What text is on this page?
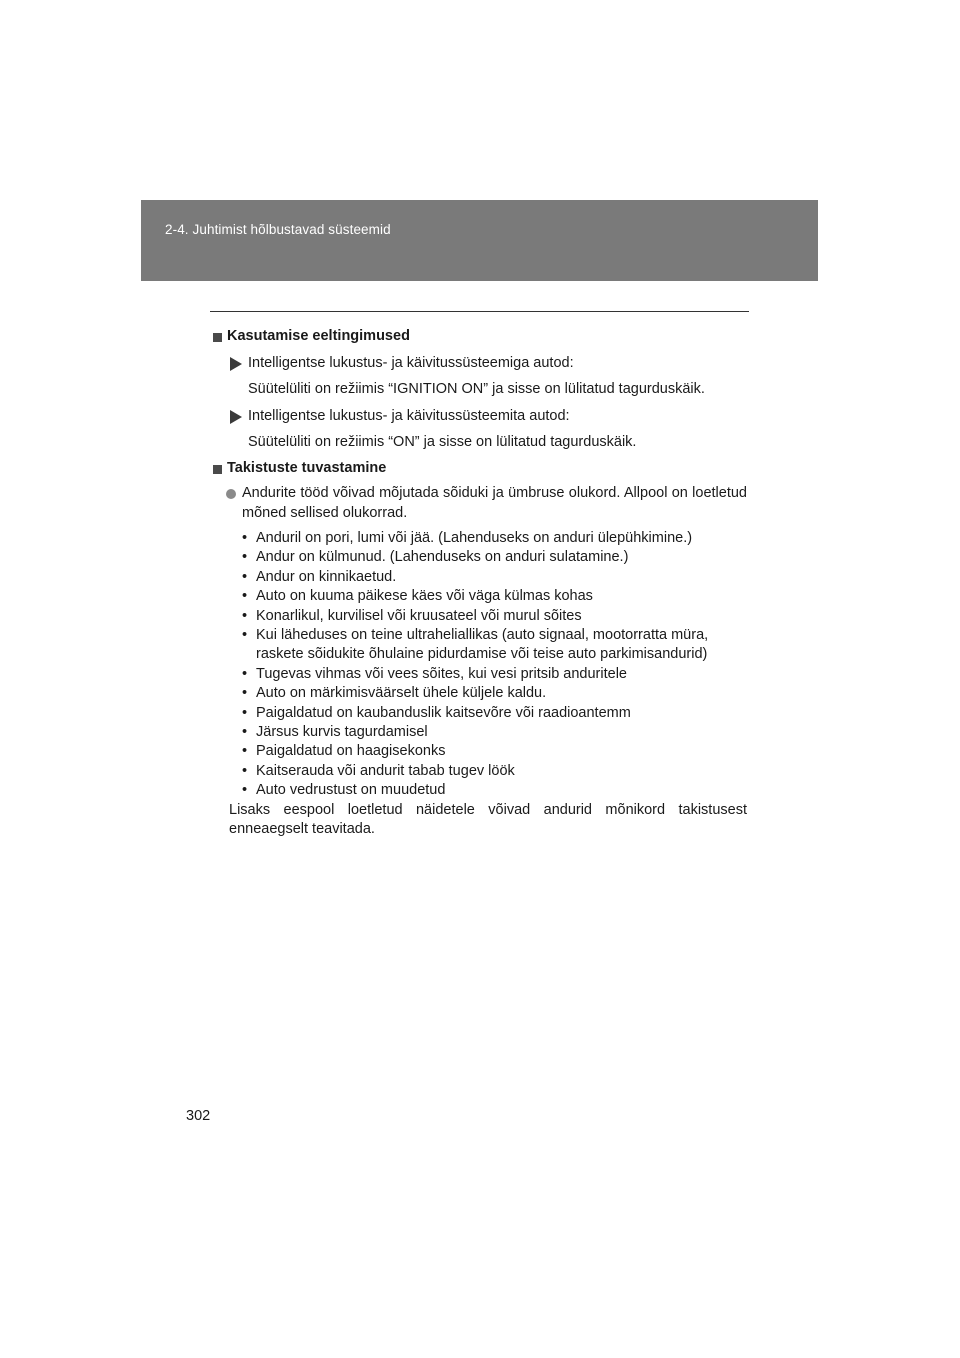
2-4. Juhtimist hõlbustavad süsteemid
Kasutamise eeltingimused
Intelligentse lukustus- ja käivitussüsteemiga autod:
Süütelüliti on režiimis “IGNITION ON” ja sisse on lülitatud tagurduskäik.
Intelligentse lukustus- ja käivitussüsteemita autod:
Süütelüliti on režiimis “ON” ja sisse on lülitatud tagurduskäik.
Takistuste tuvastamine
Andurite tööd võivad mõjutada sõiduki ja ümbruse olukord. Allpool on loetletud mõned sellised olukorrad.
• Anduril on pori, lumi või jää. (Lahenduseks on anduri ülepühkimine.)
• Andur on külmunud. (Lahenduseks on anduri sulatamine.)
• Andur on kinnikaetud.
• Auto on kuuma päikese käes või väga külmas kohas
• Konarlikul, kurvilisel või kruusateel või murul sõites
• Kui läheduses on teine ultraheliallikas (auto signaal, mootorratta müra, raskete sõidukite õhulaine pidurdamise või teise auto parkimisandurid)
• Tugevas vihmas või vees sõites, kui vesi pritsib anduritele
• Auto on märkimisväärselt ühele küljele kaldu.
• Paigaldatud on kaubanduslik kaitsevõre või raadioantemm
• Järsus kurvis tagurdamisel
• Paigaldatud on haagisekonks
• Kaitserauda või andurit tabab tugev löök
• Auto vedrustust on muudetud
Lisaks eespool loetletud näidetele võivad andurid mõnikord takistusest enneaegselt teavitada.
302
